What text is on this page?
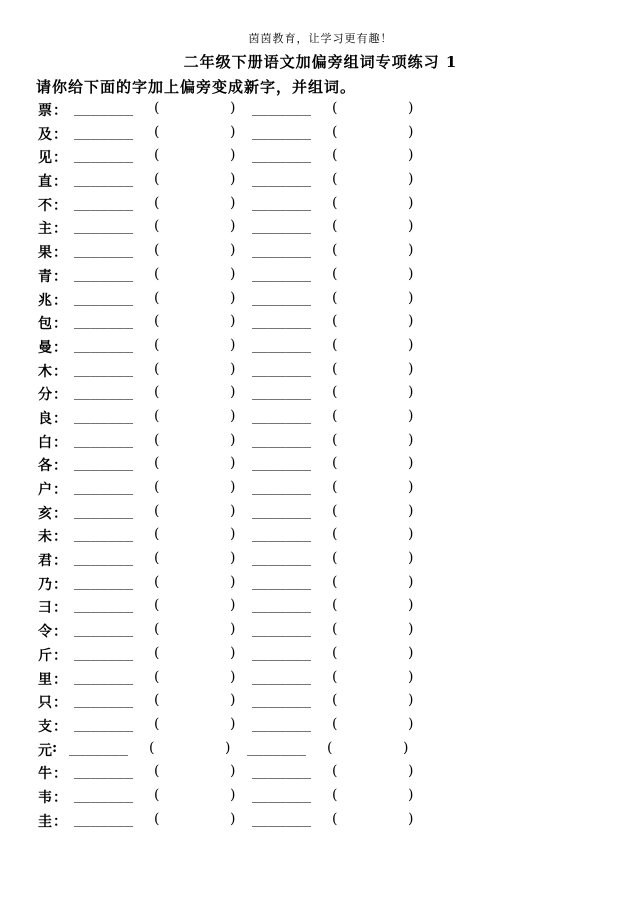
茵茵教育，让学习更有趣！
二年级下册语文加偏旁组词专项练习 1
请你给下面的字加上偏旁变成新字，并组词。
票 ： _______ (	) _______ (	)
及 ： _______ (	) _______ (	)
见 ： _______ (	) _______ (	)
直 ： _______ (	) _______ (	)
不 ： _______ (	) _______ (	)
主 ： _______ (	) _______ (	)
果 ： _______ (	) _______ (	)
青 ： _______ (	) _______ (	)
兆 ： _______ (	) _______ (	)
包 ： _______ (	) _______ (	)
曼 ： _______ (	) _______ (	)
木 ： _______ (	) _______ (	)
分 ： _______ (	) _______ (	)
良 ： _______ (	) _______ (	)
白 ： _______ (	) _______ (	)
各 ： _______ (	) _______ (	)
户 ： _______ (	) _______ (	)
亥 ： _______ (	) _______ (	)
未 ： _______ (	) _______ (	)
君 ： _______ (	) _______ (	)
乃 ： _______ (	) _______ (	)
彐 ： _______ (	) _______ (	)
令 ： _______ (	) _______ (	)
斤 ： _______ (	) _______ (	)
里 ： _______ (	) _______ (	)
只 ： _______ (	) _______ (	)
支 ： _______ (	) _______ (	)
元 : _______ (	) _______ (	)
牛 ： _______ (	) _______ (	)
韦 ： _______ (	) _______ (	)
圭 ： _______ (	) _______ (	)
